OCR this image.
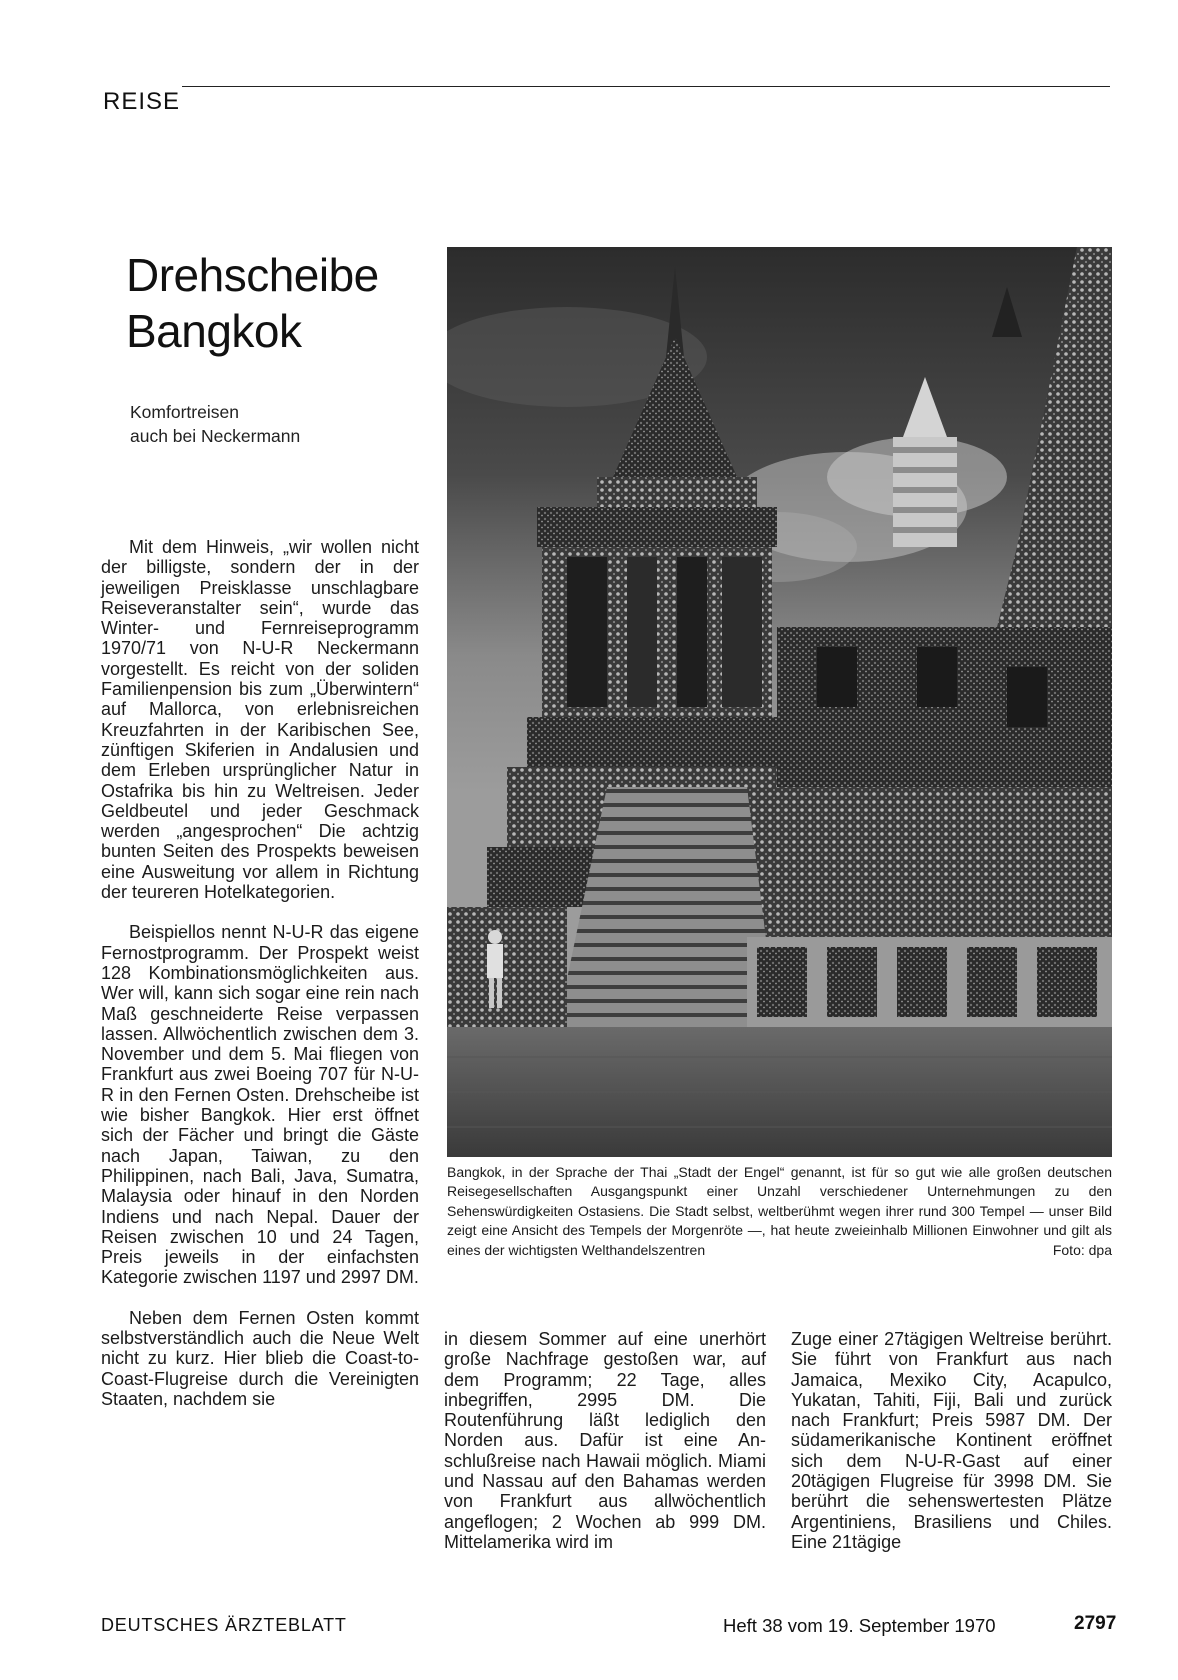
REISE
Drehscheibe
Bangkok
Komfortreisen
auch bei Neckermann

Mit dem Hinweis, „wir wollen nicht der billigste, sondern der in der jeweiligen Preisklasse unschlagbare Reiseveranstalter sein“, wurde das Winter- und Fernreiseprogramm 1970/71 von N-U-R Neckermann vorgestellt. Es reicht von der soliden Familienpension bis zum „Überwintern“ auf Mallorca, von erlebnisreichen Kreuzfahrten in der Karibischen See, zünftigen Skiferien in Andalusien und dem Erleben ursprünglicher Natur in Ostafrika bis hin zu Weltreisen. Jeder Geldbeutel und jeder Geschmack werden „angesprochen“ Die achtzig bunten Seiten des Prospekts beweisen eine Ausweitung vor allem in Richtung der teureren Hotelkategorien.

Beispiellos nennt N-U-R das eigene Fernostprogramm. Der Prospekt weist 128 Kombinationsmöglichkeiten aus. Wer will, kann sich sogar eine rein nach Maß geschneiderte Reise verpassen lassen. Allwöchentlich zwischen dem 3. November und dem 5. Mai fliegen von Frankfurt aus zwei Boeing 707 für N-U-R in den Fernen Osten. Drehscheibe ist wie bisher Bangkok. Hier erst öffnet sich der Fächer und bringt die Gäste nach Japan, Taiwan, zu den Philippinen, nach Bali, Java, Sumatra, Malaysia oder hinauf in den Norden Indiens und nach Nepal. Dauer der Reisen zwischen 10 und 24 Tagen, Preis jeweils in der einfachsten Kategorie zwischen 1197 und 2997 DM.

Neben dem Fernen Osten kommt selbstverständlich auch die Neue Welt nicht zu kurz. Hier blieb die Coast-to-Coast-Flugreise durch die Vereinigten Staaten, nachdem sie

Bangkok, in der Sprache der Thai „Stadt der Engel“ genannt, ist für so gut wie alle großen deutschen Reisegesellschaften Ausgangspunkt einer Unzahl verschiedener Unternehmungen zu den Sehenswürdigkeiten Ostasiens. Die Stadt selbst, weltberühmt wegen ihrer rund 300 Tempel — unser Bild zeigt eine Ansicht des Tempels der Morgenröte —, hat heute zweieinhalb Millionen Einwohner und gilt als eines der wichtigsten Welthandelszentren	Foto: dpa

in diesem Sommer auf eine unerhört große Nachfrage gestoßen war, auf dem Programm; 22 Tage, alles inbegriffen, 2995 DM. Die Routenführung läßt lediglich den Norden aus. Dafür ist eine Anschlußreise nach Hawaii möglich. Miami und Nassau auf den Bahamas werden von Frankfurt aus allwöchentlich angeflogen; 2 Wochen ab 999 DM. Mittelamerika wird im

Zuge einer 27tägigen Weltreise berührt. Sie führt von Frankfurt aus nach Jamaica, Mexiko City, Acapulco, Yukatan, Tahiti, Fiji, Bali und zurück nach Frankfurt; Preis 5987 DM. Der südamerikanische Kontinent eröffnet sich dem N-U-R-Gast auf einer 20tägigen Flugreise für 3998 DM. Sie berührt die sehenswertesten Plätze Argentiniens, Brasiliens und Chiles. Eine 21tägige

DEUTSCHES ÄRZTEBLATT	Heft 38 vom 19. September 1970	2797
